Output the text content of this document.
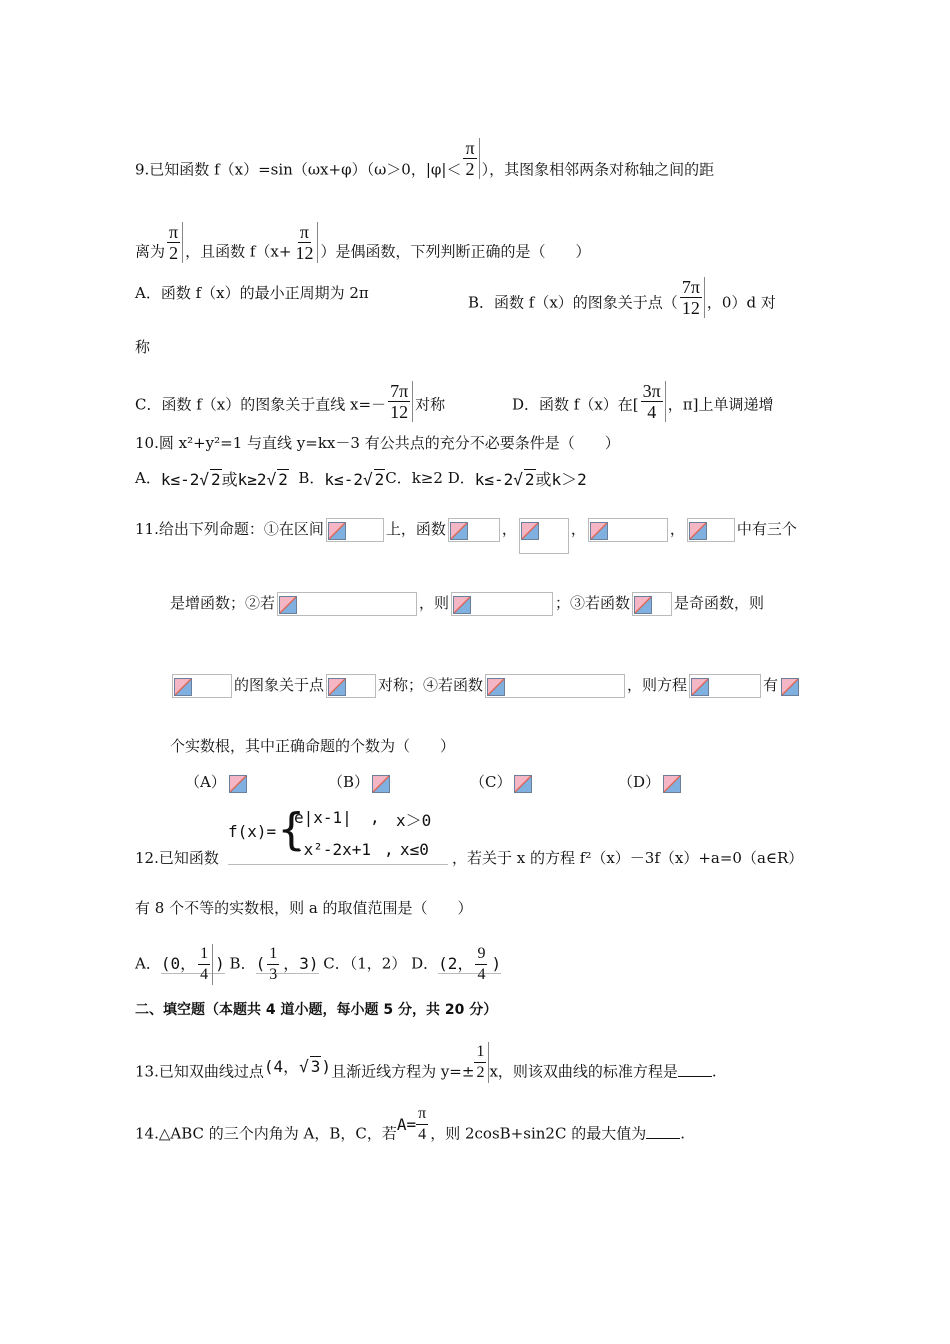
9.已知函数 f（x）=sin（ωx+φ）（ω＞0，$|\varphi|< \frac{\pi}{2}$ ），其图象相邻两条对称轴之间的距
离为 $\frac{\pi}{2}$ ，且函数 $f(x+ \frac{\pi}{12}$ ）是偶函数，下列判断正确的是（　　）
A．函数 f（x）的最小正周期为 2π
B．函数 f（x）的图象关于点（ $\frac{7\pi}{12}$ ，0）d 对
称
C．函数 f（x）的图象关于直线 $x=- \frac{7\pi}{12}$ 对称	D．函数 f（x）在[ $\frac{3\pi}{4}$ ，π]上单调递增
10.圆 x²+y²=1 与直线 y=kx－3 有公共点的充分不必要条件是（　　）
A．k≤-2√ 2或k≥2√ 2 B．k≤-2√ 2C．k≥2 D．k≤-2√ 2或k＞2
11.给出下列命题：①在区间	上，函数	，	，	，	中有三个
是增函数；②若	，则	；③若函数	是奇函数，则
的图象关于点	对称；④若函数	，则方程	有
个实数根，其中正确命题的个数为（　　）
（A）	（B）	（C）	（D）
f(x)= {
e|x-1| , x＞0
-x²-2x+1 , x≤0
12.已知函数	，若关于 x 的方程 f²（x）－3f（x）+a=0（a∈R）
有 8 个不等的实数根，则 a 的取值范围是（　　）
A．(0， $\frac{1}{4}$ ) B．( $\frac{1}{3}$ ，3) C．（1，2） D．(2， $\frac{9}{4}$ )
二、填空题（本题共 4 道小题，每小题 5 分，共 20 分）
13.已知双曲线过点(4，√ 3)且渐近线方程为 $y=\pm \frac{1}{2}$ x，则该双曲线的标准方程是 .
14.△ABC 的三个内角为 A，B，C，若$A= \frac{\pi}{4}$ ，则 2cosB+sin2C 的最大值为 .
